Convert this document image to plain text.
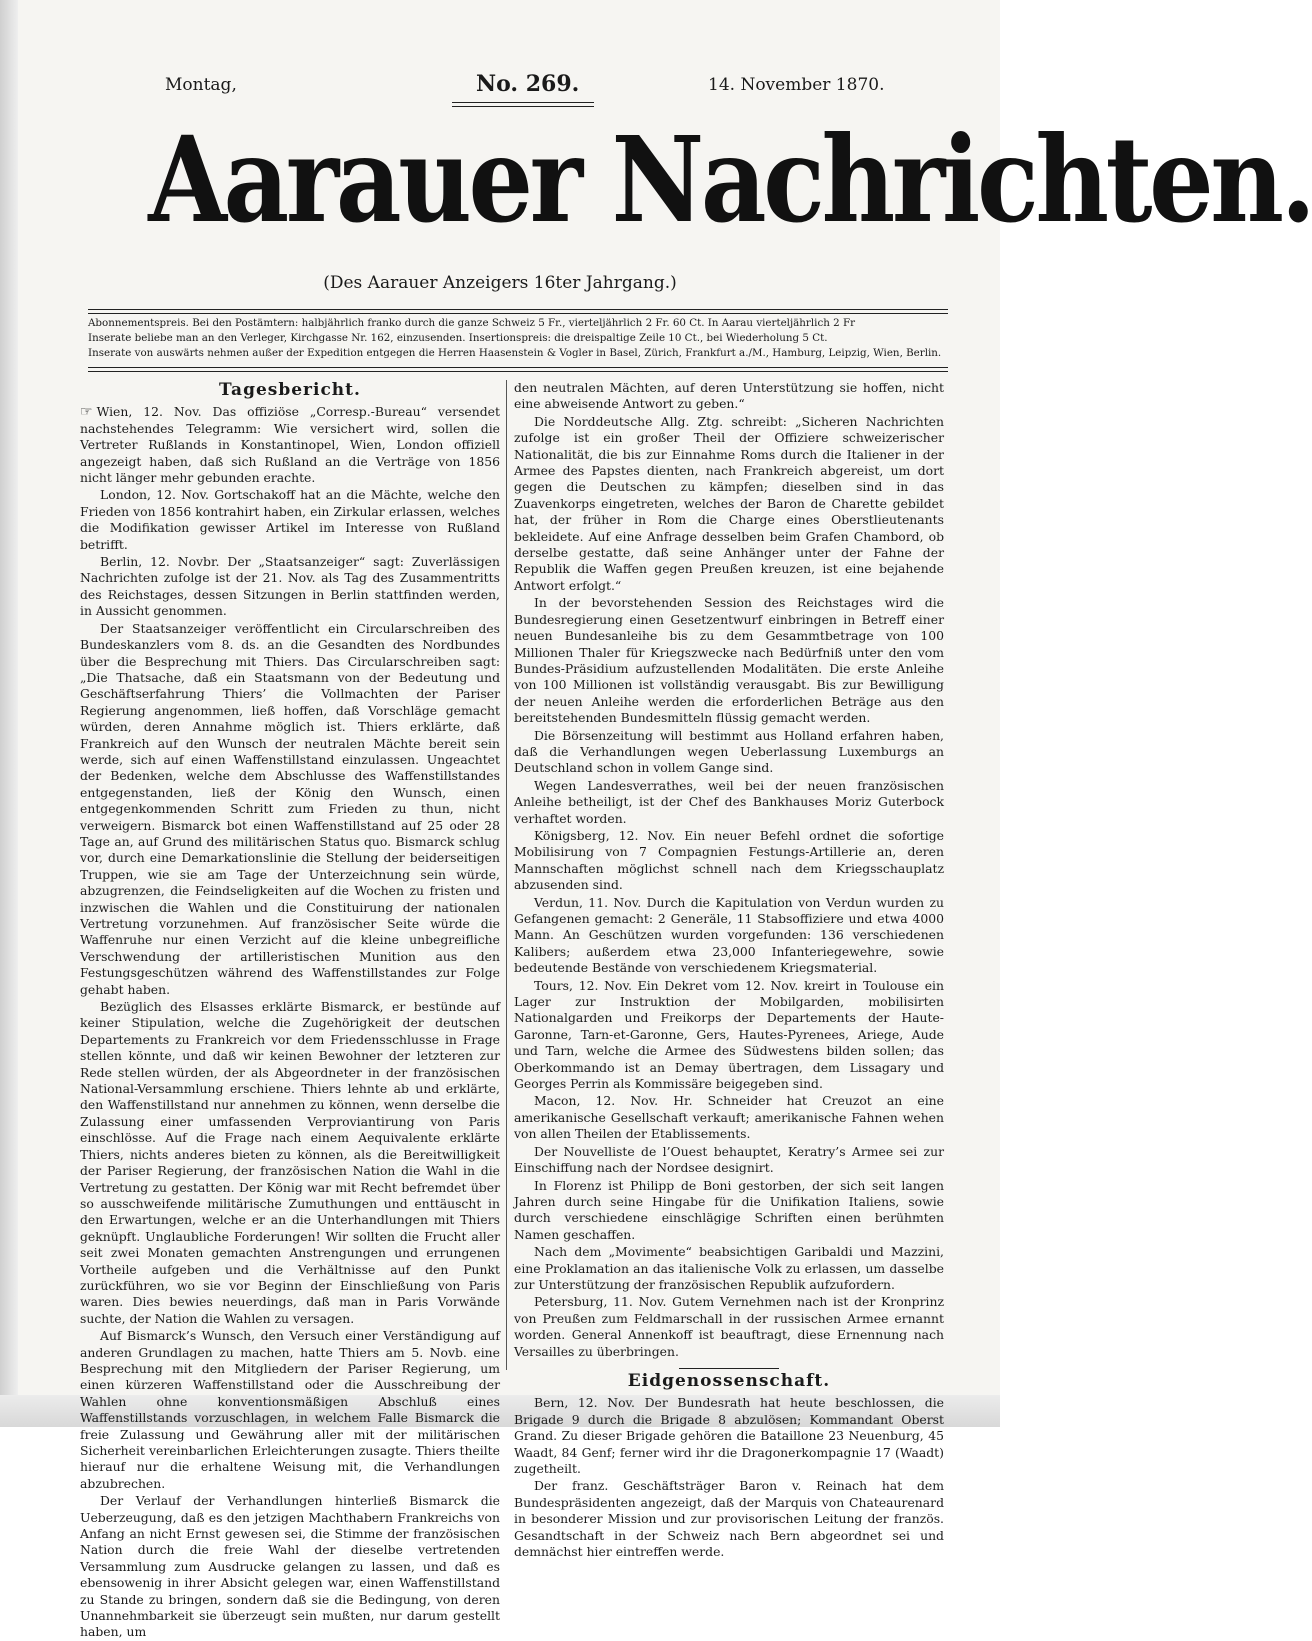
Montag,	No. 269.	14. November 1870.
Aarauer Nachrichten.
(Des Aarauer Anzeigers 16ter Jahrgang.)
Abonnementspreis. Bei den Postämtern: halbjährlich franko durch die ganze Schweiz 5 Fr., vierteljährlich 2 Fr. 60 Ct. In Aarau vierteljährlich 2 Fr
Inserate beliebe man an den Verleger, Kirchgasse Nr. 162, einzusenden. Insertionspreis: die dreispaltige Zeile 10 Ct., bei Wiederholung 5 Ct.
Inserate von auswärts nehmen außer der Expedition entgegen die Herren Haasenstein & Vogler in Basel, Zürich, Frankfurt a./M., Hamburg, Leipzig, Wien, Berlin.
Tagesbericht.

☞ Wien, 12. Nov. Das offiziöse „Corresp.-Bureau“ versendet nachstehendes Telegramm: Wie versichert wird, sollen die Vertreter Rußlands in Konstantinopel, Wien, London offiziell angezeigt haben, daß sich Rußland an die Verträge von 1856 nicht länger mehr gebunden erachte.

London, 12. Nov. Gortschakoff hat an die Mächte, welche den Frieden von 1856 kontrahirt haben, ein Zirkular erlassen, welches die Modifikation gewisser Artikel im Interesse von Rußland betrifft.

Berlin, 12. Novbr. Der „Staatsanzeiger“ sagt: Zuverlässigen Nachrichten zufolge ist der 21. Nov. als Tag des Zusammentritts des Reichstages, dessen Sitzungen in Berlin stattfinden werden, in Aussicht genommen.

Der Staatsanzeiger veröffentlicht ein Circularschreiben des Bundeskanzlers vom 8. ds. an die Gesandten des Nordbundes über die Besprechung mit Thiers. Das Circularschreiben sagt: „Die Thatsache, daß ein Staatsmann von der Bedeutung und Geschäftserfahrung Thiers’ die Vollmachten der Pariser Regierung angenommen, ließ hoffen, daß Vorschläge gemacht würden, deren Annahme möglich ist. Thiers erklärte, daß Frankreich auf den Wunsch der neutralen Mächte bereit sein werde, sich auf einen Waffenstillstand einzulassen. Ungeachtet der Bedenken, welche dem Abschlusse des Waffenstillstandes entgegenstanden, ließ der König den Wunsch, einen entgegenkommenden Schritt zum Frieden zu thun, nicht verweigern. Bismarck bot einen Waffenstillstand auf 25 oder 28 Tage an, auf Grund des militärischen Status quo. Bismarck schlug vor, durch eine Demarkationslinie die Stellung der beiderseitigen Truppen, wie sie am Tage der Unterzeichnung sein würde, abzugrenzen, die Feindseligkeiten auf die Wochen zu fristen und inzwischen die Wahlen und die Constituirung der nationalen Vertretung vorzunehmen. Auf französischer Seite würde die Waffenruhe nur einen Verzicht auf die kleine unbegreifliche Verschwendung der artilleristischen Munition aus den Festungsgeschützen während des Waffenstillstandes zur Folge gehabt haben.

Bezüglich des Elsasses erklärte Bismarck, er bestünde auf keiner Stipulation, welche die Zugehörigkeit der deutschen Departements zu Frankreich vor dem Friedensschlusse in Frage stellen könnte, und daß wir keinen Bewohner der letzteren zur Rede stellen würden, der als Abgeordneter in der französischen National-Versammlung erschiene. Thiers lehnte ab und erklärte, den Waffenstillstand nur annehmen zu können, wenn derselbe die Zulassung einer umfassenden Verproviantirung von Paris einschlösse. Auf die Frage nach einem Aequivalente erklärte Thiers, nichts anderes bieten zu können, als die Bereitwilligkeit der Pariser Regierung, der französischen Nation die Wahl in die Vertretung zu gestatten. Der König war mit Recht befremdet über so ausschweifende militärische Zumuthungen und enttäuscht in den Erwartungen, welche er an die Unterhandlungen mit Thiers geknüpft. Unglaubliche Forderungen! Wir sollten die Frucht aller seit zwei Monaten gemachten Anstrengungen und errungenen Vortheile aufgeben und die Verhältnisse auf den Punkt zurückführen, wo sie vor Beginn der Einschließung von Paris waren. Dies bewies neuerdings, daß man in Paris Vorwände suchte, der Nation die Wahlen zu versagen.

Auf Bismarck’s Wunsch, den Versuch einer Verständigung auf anderen Grundlagen zu machen, hatte Thiers am 5. Novb. eine Besprechung mit den Mitgliedern der Pariser Regierung, um einen kürzeren Waffenstillstand oder die Ausschreibung der Wahlen ohne konventionsmäßigen Abschluß eines Waffenstillstands vorzuschlagen, in welchem Falle Bismarck die freie Zulassung und Gewährung aller mit der militärischen Sicherheit vereinbarlichen Erleichterungen zusagte. Thiers theilte hierauf nur die erhaltene Weisung mit, die Verhandlungen abzubrechen.

Der Verlauf der Verhandlungen hinterließ Bismarck die Ueberzeugung, daß es den jetzigen Machthabern Frankreichs von Anfang an nicht Ernst gewesen sei, die Stimme der französischen Nation durch die freie Wahl der dieselbe vertretenden Versammlung zum Ausdrucke gelangen zu lassen, und daß es ebensowenig in ihrer Absicht gelegen war, einen Waffenstillstand zu Stande zu bringen, sondern daß sie die Bedingung, von deren Unannehmbarkeit sie überzeugt sein mußten, nur darum gestellt haben, um

den neutralen Mächten, auf deren Unterstützung sie hoffen, nicht eine abweisende Antwort zu geben.“

Die Norddeutsche Allg. Ztg. schreibt: „Sicheren Nachrichten zufolge ist ein großer Theil der Offiziere schweizerischer Nationalität, die bis zur Einnahme Roms durch die Italiener in der Armee des Papstes dienten, nach Frankreich abgereist, um dort gegen die Deutschen zu kämpfen; dieselben sind in das Zuavenkorps eingetreten, welches der Baron de Charette gebildet hat, der früher in Rom die Charge eines Oberstlieutenants bekleidete. Auf eine Anfrage desselben beim Grafen Chambord, ob derselbe gestatte, daß seine Anhänger unter der Fahne der Republik die Waffen gegen Preußen kreuzen, ist eine bejahende Antwort erfolgt.“

In der bevorstehenden Session des Reichstages wird die Bundesregierung einen Gesetzentwurf einbringen in Betreff einer neuen Bundesanleihe bis zu dem Gesammtbetrage von 100 Millionen Thaler für Kriegszwecke nach Bedürfniß unter den vom Bundes-Präsidium aufzustellenden Modalitäten. Die erste Anleihe von 100 Millionen ist vollständig verausgabt. Bis zur Bewilligung der neuen Anleihe werden die erforderlichen Beträge aus den bereitstehenden Bundesmitteln flüssig gemacht werden.

Die Börsenzeitung will bestimmt aus Holland erfahren haben, daß die Verhandlungen wegen Ueberlassung Luxemburgs an Deutschland schon in vollem Gange sind.

Wegen Landesverrathes, weil bei der neuen französischen Anleihe betheiligt, ist der Chef des Bankhauses Moriz Guterbock verhaftet worden.

Königsberg, 12. Nov. Ein neuer Befehl ordnet die sofortige Mobilisirung von 7 Compagnien Festungs-Artillerie an, deren Mannschaften möglichst schnell nach dem Kriegsschauplatz abzusenden sind.

Verdun, 11. Nov. Durch die Kapitulation von Verdun wurden zu Gefangenen gemacht: 2 Generäle, 11 Stabsoffiziere und etwa 4000 Mann. An Geschützen wurden vorgefunden: 136 verschiedenen Kalibers; außerdem etwa 23,000 Infanteriegewehre, sowie bedeutende Bestände von verschiedenem Kriegsmaterial.

Tours, 12. Nov. Ein Dekret vom 12. Nov. kreirt in Toulouse ein Lager zur Instruktion der Mobilgarden, mobilisirten Nationalgarden und Freikorps der Departements der Haute-Garonne, Tarn-et-Garonne, Gers, Hautes-Pyrenees, Ariege, Aude und Tarn, welche die Armee des Südwestens bilden sollen; das Oberkommando ist an Demay übertragen, dem Lissagary und Georges Perrin als Kommissäre beigegeben sind.

Macon, 12. Nov. Hr. Schneider hat Creuzot an eine amerikanische Gesellschaft verkauft; amerikanische Fahnen wehen von allen Theilen der Etablissements.

Der Nouvelliste de l’Ouest behauptet, Keratry’s Armee sei zur Einschiffung nach der Nordsee designirt.

In Florenz ist Philipp de Boni gestorben, der sich seit langen Jahren durch seine Hingabe für die Unifikation Italiens, sowie durch verschiedene einschlägige Schriften einen berühmten Namen geschaffen.

Nach dem „Movimente“ beabsichtigen Garibaldi und Mazzini, eine Proklamation an das italienische Volk zu erlassen, um dasselbe zur Unterstützung der französischen Republik aufzufordern.

Petersburg, 11. Nov. Gutem Vernehmen nach ist der Kronprinz von Preußen zum Feldmarschall in der russischen Armee ernannt worden. General Annenkoff ist beauftragt, diese Ernennung nach Versailles zu überbringen.

Eidgenossenschaft.

Bern, 12. Nov. Der Bundesrath hat heute beschlossen, die Brigade 9 durch die Brigade 8 abzulösen; Kommandant Oberst Grand. Zu dieser Brigade gehören die Bataillone 23 Neuenburg, 45 Waadt, 84 Genf; ferner wird ihr die Dragonerkompagnie 17 (Waadt) zugetheilt.

Der franz. Geschäftsträger Baron v. Reinach hat dem Bundespräsidenten angezeigt, daß der Marquis von Chateaurenard in besonderer Mission und zur provisorischen Leitung der französ. Gesandtschaft in der Schweiz nach Bern abgeordnet sei und demnächst hier eintreffen werde.
